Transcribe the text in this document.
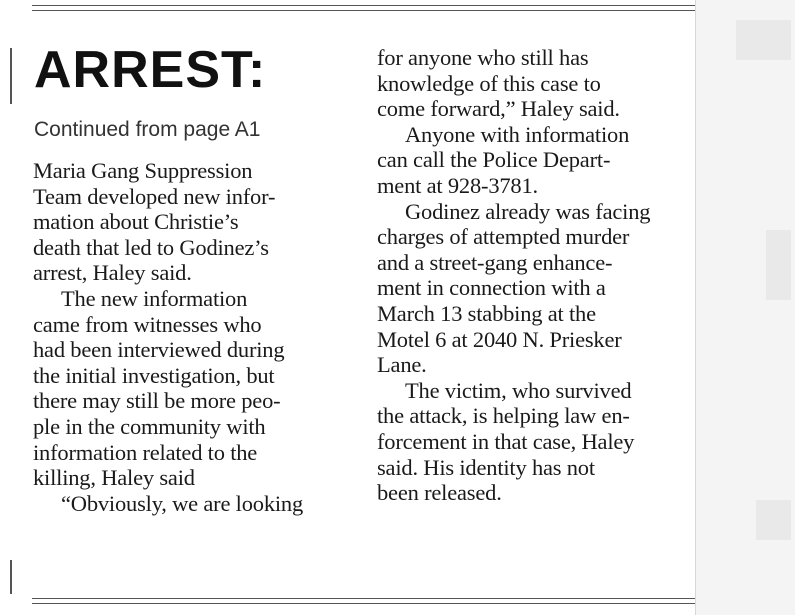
ARREST:

Continued from page A1

Maria Gang Suppression
Team developed new infor-
mation about Christie’s
death that led to Godinez’s
arrest, Haley said.
The new information
came from witnesses who
had been interviewed during
the initial investigation, but
there may still be more peo-
ple in the community with
information related to the
killing, Haley said
“Obviously, we are looking
for anyone who still has
knowledge of this case to
come forward,” Haley said.
Anyone with information
can call the Police Depart-
ment at 928-3781.
Godinez already was facing
charges of attempted murder
and a street-gang enhance-
ment in connection with a
March 13 stabbing at the
Motel 6 at 2040 N. Priesker
Lane.
The victim, who survived
the attack, is helping law en-
forcement in that case, Haley
said. His identity has not
been released.
